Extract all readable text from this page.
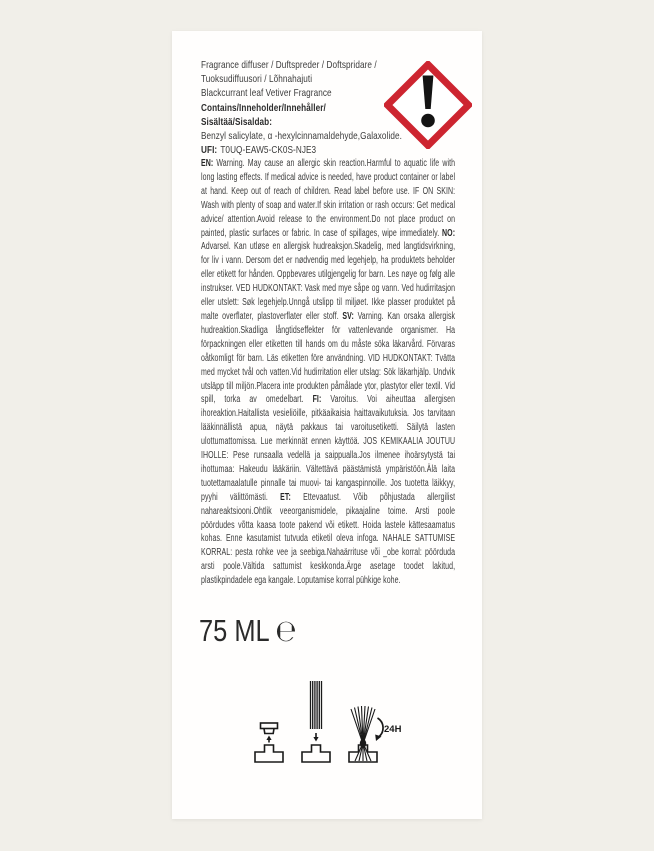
Fragrance diffuser / Duftspreder / Doftspridare /
Tuoksudiffuusori / Lõhnahajuti
Blackcurrant leaf Vetiver Fragrance
Contains/Inneholder/Innehåller/
Sisältää/Sisaldab:
Benzyl salicylate, α -hexylcinnamaldehyde,Galaxolide.
UFI: T0UQ-EAW5-CK0S-NJE3

EN: Warning. May cause an allergic skin reaction.Harmful to aquatic life with long lasting effects. If medical advice is needed, have product container or label at hand. Keep out of reach of children. Read label before use. IF ON SKIN: Wash with plenty of soap and water.If skin irritation or rash occurs: Get medical advice/ attention.Avoid release to the environment.Do not place product on painted, plastic surfaces or fabric. In case of spillages, wipe immediately. NO: Advarsel. Kan utløse en allergisk hudreaksjon.Skadelig, med langtidsvirkning, for liv i vann. Dersom det er nødvendig med legehjelp, ha produktets beholder eller etikett for hånden. Oppbevares utilgjengelig for barn. Les nøye og følg alle instrukser. VED HUDKONTAKT: Vask med mye såpe og vann. Ved hudirritasjon eller utslett: Søk legehjelp.Unngå utslipp til miljøet. Ikke plasser produktet på malte overflater, plastoverflater eller stoff. SV: Varning. Kan orsaka allergisk hudreaktion.Skadliga långtidseffekter för vattenlevande organismer. Ha förpackningen eller etiketten till hands om du måste söka läkarvård. Förvaras oåtkomligt för barn. Läs etiketten före användning. VID HUDKONTAKT: Tvätta med mycket tvål och vatten.Vid hudirritation eller utslag: Sök läkarhjälp. Undvik utsläpp till miljön.Placera inte produkten påmålade ytor, plastytor eller textil. Vid spill, torka av omedelbart. FI: Varoitus. Voi aiheuttaa allergisen ihoreaktion.Haitallista vesieliöille, pitkäaikaisia haittavaikutuksia. Jos tarvitaan lääkinnällistä apua, näytä pakkaus tai varoitusetiketti. Säilytä lasten ulottumattomissa. Lue merkinnät ennen käyttöä. JOS KEMIKAALIA JOUTUU IHOLLE: Pese runsaalla vedellä ja saippualla.Jos ilmenee ihoärsytystä tai ihottumaa: Hakeudu lääkäriin. Vältettävä päästämistä ympäristöön.Älä laita tuotettamaalatulle pinnalle tai muovi- tai kangaspinnoille. Jos tuotetta läikkyy, pyyhi välittömästi. ET: Ettevaatust. Võib põhjustada allergilist nahareaktsiooni.Ohtlik veeorganismidele, pikaajaline toime. Arsti poole pöördudes võtta kaasa toote pakend või etikett. Hoida lastele kättesaamatus kohas. Enne kasutamist tutvuda etiketil oleva infoga. NAHALE SATTUMISE KORRAL: pesta rohke vee ja seebiga.Nahaärrituse või _obe korral: pöörduda arsti poole.Vältida sattumist keskkonda.Ärge asetage toodet lakitud, plastikpindadele ega kangale. Loputamise korral pühkige kohe.

75 ML ℮
24H
